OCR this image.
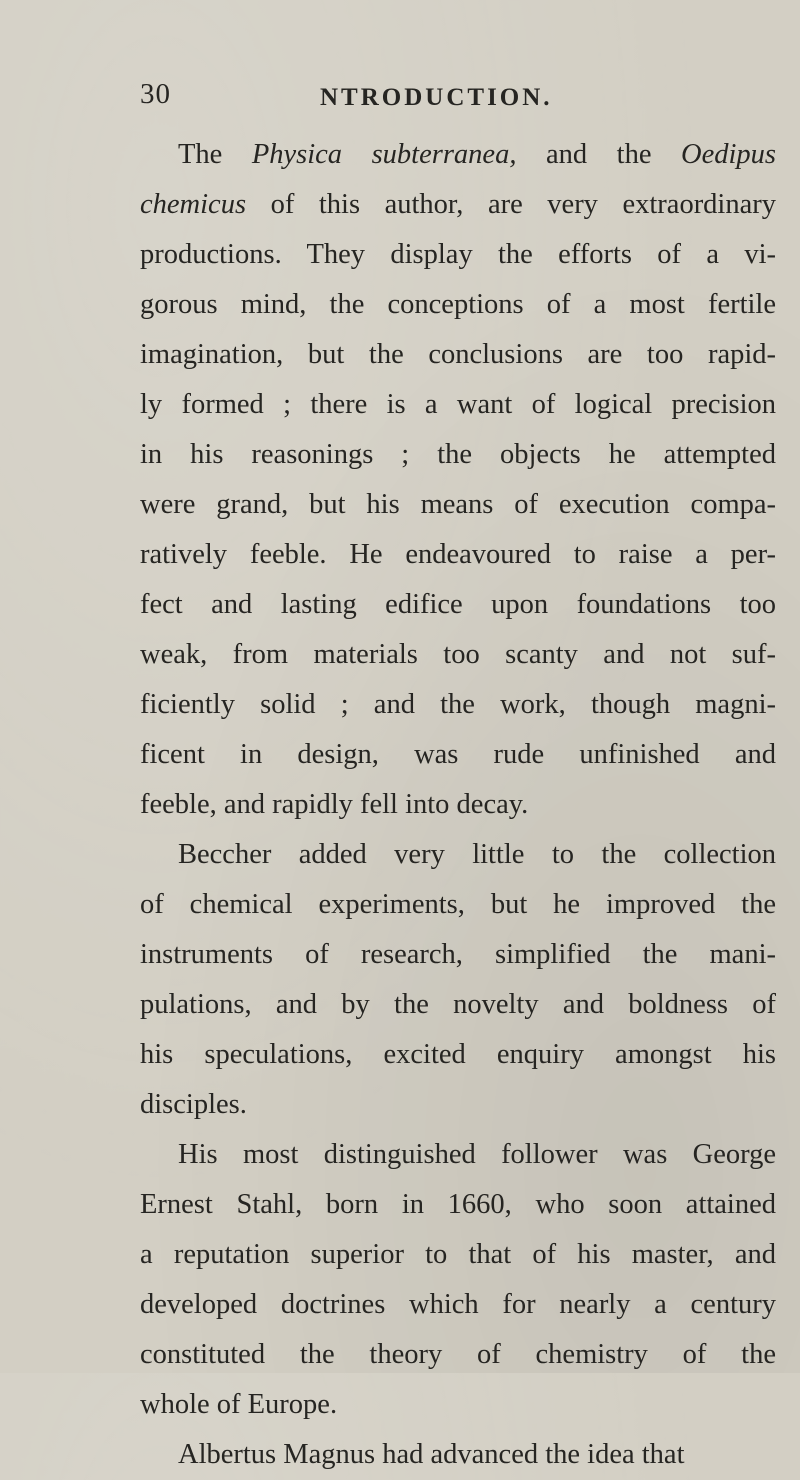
30	NTRODUCTION.
The Physica subterranea, and the Oedipus
chemicus of this author, are very extraordinary
productions. They display the efforts of a vi-
gorous mind, the conceptions of a most fertile
imagination, but the conclusions are too rapid-
ly formed ; there is a want of logical precision
in his reasonings ; the objects he attempted
were grand, but his means of execution compa-
ratively feeble. He endeavoured to raise a per-
fect and lasting edifice upon foundations too
weak, from materials too scanty and not suf-
ficiently solid ; and the work, though magni-
ficent in design, was rude unfinished and
feeble, and rapidly fell into decay.
Beccher added very little to the collection
of chemical experiments, but he improved the
instruments of research, simplified the mani-
pulations, and by the novelty and boldness of
his speculations, excited enquiry amongst his
disciples.
His most distinguished follower was George
Ernest Stahl, born in 1660, who soon attained
a reputation superior to that of his master, and
developed doctrines which for nearly a century
constituted the theory of chemistry of the
whole of Europe.
Albertus Magnus had advanced the idea that
